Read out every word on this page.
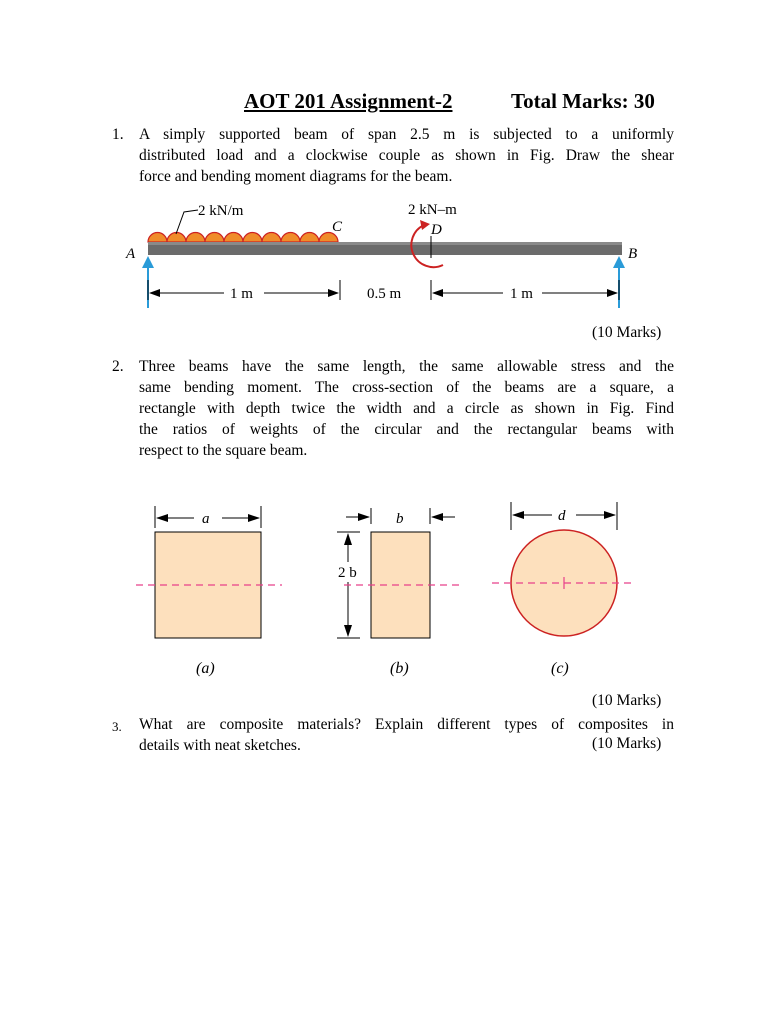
AOT 201 Assignment-2	Total Marks: 30
1. A simply supported beam of span 2.5 m is subjected to a uniformly
distributed load and a clockwise couple as shown in Fig. Draw the shear
force and bending moment diagrams for the beam.
2 kN/m
A	B
C	D
2 kN–m
1 m	0.5 m	1 m
(10 Marks)
2. Three beams have the same length, the same allowable stress and the
same bending moment. The cross-section of the beams are a square, a
rectangle with depth twice the width and a circle as shown in Fig. Find
the ratios of weights of the circular and the rectangular beams with
respect to the square beam.
a
(a)
b
2 b
(b)
d
(c)
(10 Marks)
3. What are composite materials? Explain different types of composites in
details with neat sketches.	(10 Marks)
